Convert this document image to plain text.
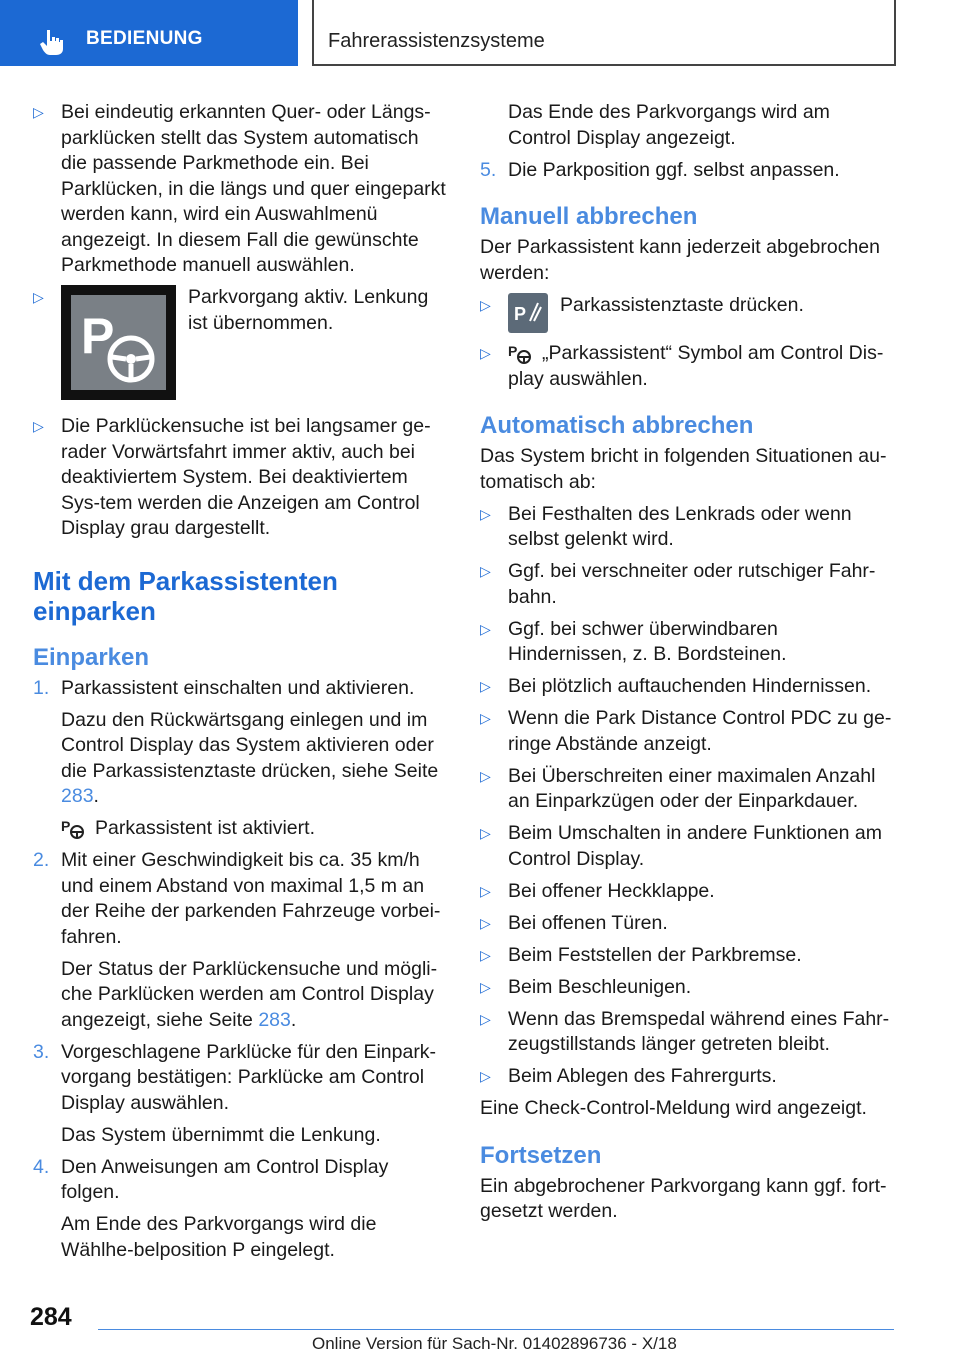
BEDIENUNG	Fahrerassistenzsysteme
▷ Bei eindeutig erkannten Quer- oder Längs-parklücken stellt das System automatisch die passende Parkmethode ein. Bei Parklücken, in die längs und quer eingeparkt werden kann, wird ein Auswahlmenü angezeigt. In diesem Fall die gewünschte Parkmethode manuell auswählen.
▷
P
Parkvorgang aktiv. Lenkung ist übernommen.
▷ Die Parklückensuche ist bei langsamer ge-rader Vorwärtsfahrt immer aktiv, auch bei deaktiviertem System. Bei deaktiviertem Sys-tem werden die Anzeigen am Control Display grau dargestellt.
Mit dem Parkassistenten einparken
Einparken
1. Parkassistent einschalten und aktivieren.
Dazu den Rückwärtsgang einlegen und im Control Display das System aktivieren oder die Parkassistenztaste drücken, siehe Seite 283.
P Parkassistent ist aktiviert.
2. Mit einer Geschwindigkeit bis ca. 35 km/h und einem Abstand von maximal 1,5 m an der Reihe der parkenden Fahrzeuge vorbei-fahren.
Der Status der Parklückensuche und mögli-che Parklücken werden am Control Display angezeigt, siehe Seite 283.
3. Vorgeschlagene Parklücke für den Einpark-vorgang bestätigen: Parklücke am Control Display auswählen.
Das System übernimmt die Lenkung.
4. Den Anweisungen am Control Display folgen.
Am Ende des Parkvorgangs wird die Wählhe-belposition P eingelegt.
Das Ende des Parkvorgangs wird am Control Display angezeigt.
5. Die Parkposition ggf. selbst anpassen.
Manuell abbrechen
Der Parkassistent kann jederzeit abgebrochen werden:
▷ P Parkassistenztaste drücken.
▷ P „Parkassistent“ Symbol am Control Dis-play auswählen.
Automatisch abbrechen
Das System bricht in folgenden Situationen au-tomatisch ab:
▷ Bei Festhalten des Lenkrads oder wenn selbst gelenkt wird.
▷ Ggf. bei verschneiter oder rutschiger Fahr-bahn.
▷ Ggf. bei schwer überwindbaren Hindernissen, z. B. Bordsteinen.
▷ Bei plötzlich auftauchenden Hindernissen.
▷ Wenn die Park Distance Control PDC zu ge-ringe Abstände anzeigt.
▷ Bei Überschreiten einer maximalen Anzahl an Einparkzügen oder der Einparkdauer.
▷ Beim Umschalten in andere Funktionen am Control Display.
▷ Bei offener Heckklappe.
▷ Bei offenen Türen.
▷ Beim Feststellen der Parkbremse.
▷ Beim Beschleunigen.
▷ Wenn das Bremspedal während eines Fahr-zeugstillstands länger getreten bleibt.
▷ Beim Ablegen des Fahrergurts.
Eine Check-Control-Meldung wird angezeigt.
Fortsetzen
Ein abgebrochener Parkvorgang kann ggf. fort-gesetzt werden.
284
Online Version für Sach-Nr. 01402896736 - X/18
